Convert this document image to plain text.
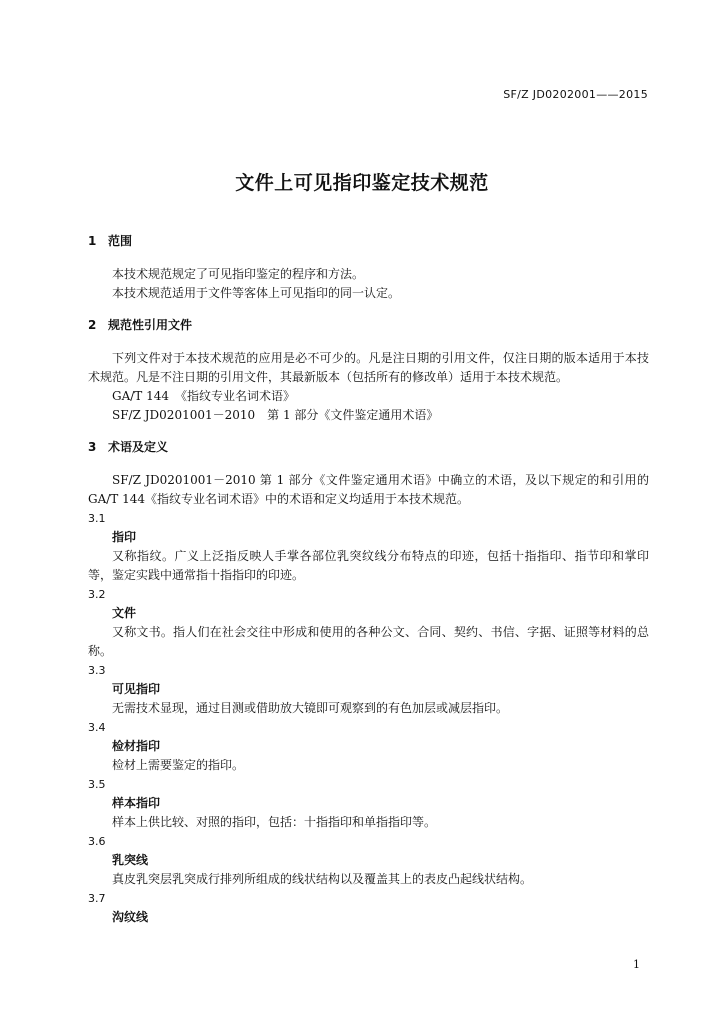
SF/Z JD0202001——2015
文件上可见指印鉴定技术规范
1 范围

本技术规范规定了可见指印鉴定的程序和方法。

本技术规范适用于文件等客体上可见指印的同一认定。

2 规范性引用文件

下列文件对于本技术规范的应用是必不可少的。凡是注日期的引用文件，仅注日期的版本适用于本技术规范。凡是不注日期的引用文件，其最新版本（包括所有的修改单）适用于本技术规范。

GA/T 144　《指纹专业名词术语》

SF/Z JD0201001－2010　第 1 部分《文件鉴定通用术语》

3 术语及定义

SF/Z JD0201001－2010 第 1 部分《文件鉴定通用术语》中确立的术语，及以下规定的和引用的GA/T 144《指纹专业名词术语》中的术语和定义均适用于本技术规范。

3.1
指印

又称指纹。广义上泛指反映人手掌各部位乳突纹线分布特点的印迹，包括十指指印、指节印和掌印等，鉴定实践中通常指十指指印的印迹。

3.2
文件

又称文书。指人们在社会交往中形成和使用的各种公文、合同、契约、书信、字据、证照等材料的总称。

3.3
可见指印

无需技术显现，通过目测或借助放大镜即可观察到的有色加层或减层指印。

3.4
检材指印

检材上需要鉴定的指印。

3.5
样本指印

样本上供比较、对照的指印，包括：十指指印和单指指印等。

3.6
乳突线

真皮乳突层乳突成行排列所组成的线状结构以及覆盖其上的表皮凸起线状结构。

3.7
沟纹线
1
